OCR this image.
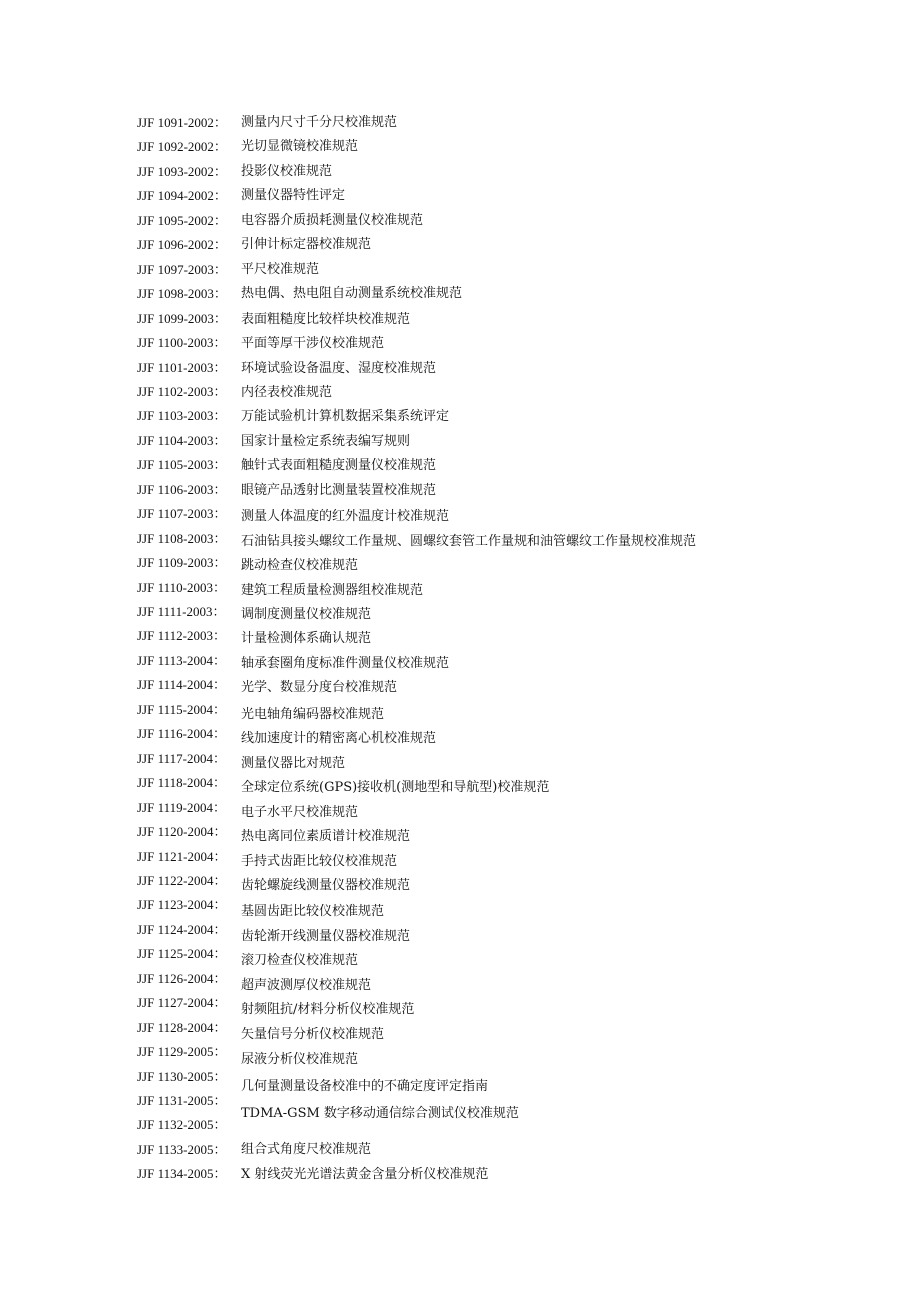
JJF 1091-2002： 测量内尺寸千分尺校准规范
JJF 1092-2002： 光切显微镜校准规范
JJF 1093-2002： 投影仪校准规范
JJF 1094-2002： 测量仪器特性评定
JJF 1095-2002： 电容器介质损耗测量仪校准规范
JJF 1096-2002： 引伸计标定器校准规范
JJF 1097-2003： 平尺校准规范
JJF 1098-2003： 热电偶、热电阻自动测量系统校准规范
JJF 1099-2003： 表面粗糙度比较样块校准规范
JJF 1100-2003： 平面等厚干涉仪校准规范
JJF 1101-2003： 环境试验设备温度、湿度校准规范
JJF 1102-2003： 内径表校准规范
JJF 1103-2003： 万能试验机计算机数据采集系统评定
JJF 1104-2003： 国家计量检定系统表编写规则
JJF 1105-2003： 触针式表面粗糙度测量仪校准规范
JJF 1106-2003： 眼镜产品透射比测量装置校准规范
JJF 1107-2003： 测量人体温度的红外温度计校准规范
JJF 1108-2003： 石油钻具接头螺纹工作量规、圆螺纹套管工作量规和油管螺纹工作量规校准规范
JJF 1109-2003： 跳动检查仪校准规范
JJF 1110-2003： 建筑工程质量检测器组校准规范
JJF 1111-2003： 调制度测量仪校准规范
JJF 1112-2003： 计量检测体系确认规范
JJF 1113-2004： 轴承套圈角度标准件测量仪校准规范
JJF 1114-2004： 光学、数显分度台校准规范
JJF 1115-2004： 光电轴角编码器校准规范
JJF 1116-2004： 线加速度计的精密离心机校准规范
JJF 1117-2004： 测量仪器比对规范
JJF 1118-2004： 全球定位系统(GPS)接收机(测地型和导航型)校准规范
JJF 1119-2004： 电子水平尺校准规范
JJF 1120-2004： 热电离同位素质谱计校准规范
JJF 1121-2004： 手持式齿距比较仪校准规范
JJF 1122-2004： 齿轮螺旋线测量仪器校准规范
JJF 1123-2004： 基圆齿距比较仪校准规范
JJF 1124-2004： 齿轮渐开线测量仪器校准规范
JJF 1125-2004： 滚刀检查仪校准规范
JJF 1126-2004： 超声波测厚仪校准规范
JJF 1127-2004： 射频阻抗/材料分析仪校准规范
JJF 1128-2004： 矢量信号分析仪校准规范
JJF 1129-2005：
尿液分析仪校准规范
JJF 1130-2005：
几何量测量设备校准中的不确定度评定指南
JJF 1131-2005：
TDMA-GSM 数字移动通信综合测试仪校准规范
JJF 1132-2005：
JJF 1133-2005： 组合式角度尺校准规范
JJF 1134-2005： X 射线荧光光谱法黄金含量分析仪校准规范
